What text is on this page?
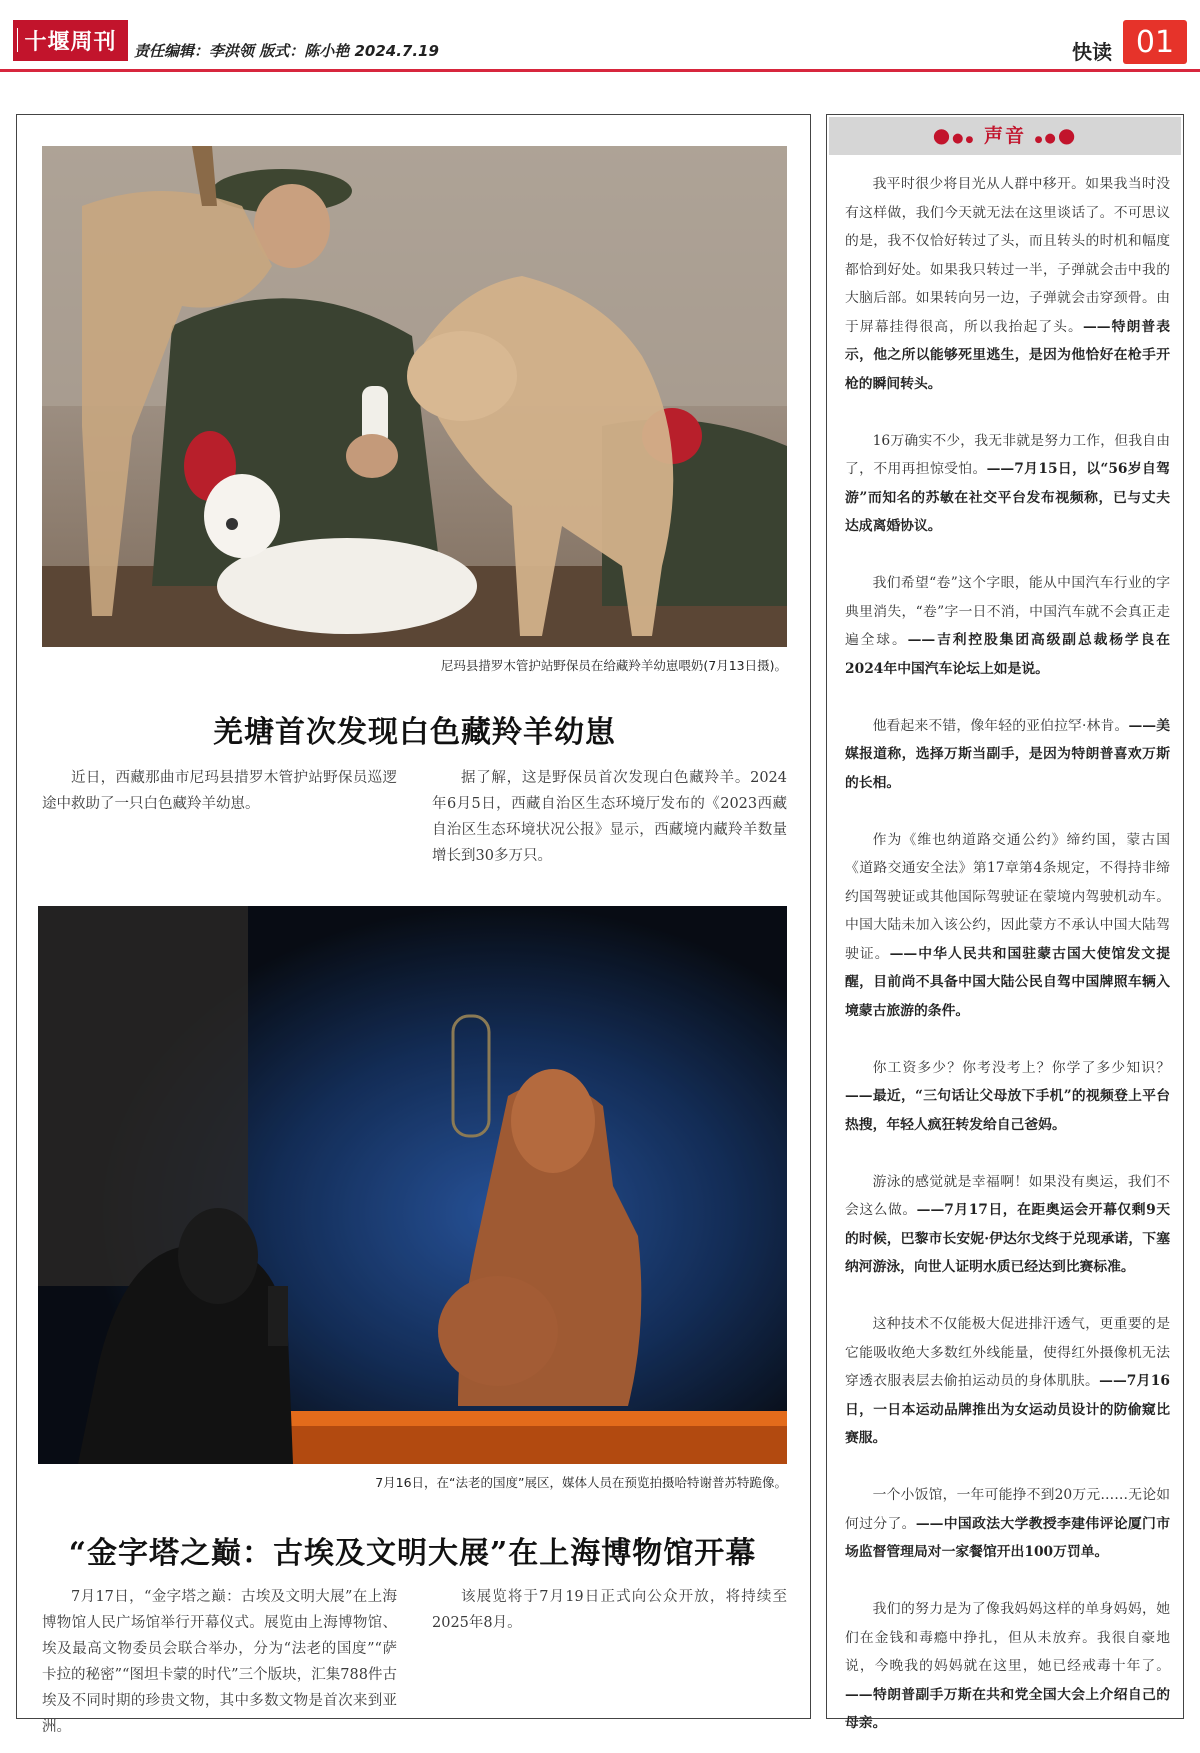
十堰周刊 责任编辑：李洪领 版式：陈小艳 2024.7.19	快读 01
尼玛县措罗木管护站野保员在给藏羚羊幼崽喂奶(7月13日摄)。
羌塘首次发现白色藏羚羊幼崽

近日，西藏那曲市尼玛县措罗木管护站野保员巡逻途中救助了一只白色藏羚羊幼崽。

据了解，这是野保员首次发现白色藏羚羊。2024年6月5日，西藏自治区生态环境厅发布的《2023西藏自治区生态环境状况公报》显示，西藏境内藏羚羊数量增长到30多万只。

7月16日，在“法老的国度”展区，媒体人员在预览拍摄哈特谢普苏特跪像。
“金字塔之巅：古埃及文明大展”在上海博物馆开幕

7月17日，“金字塔之巅：古埃及文明大展”在上海博物馆人民广场馆举行开幕仪式。展览由上海博物馆、埃及最高文物委员会联合举办，分为“法老的国度”“萨卡拉的秘密”“图坦卡蒙的时代”三个版块，汇集788件古埃及不同时期的珍贵文物，其中多数文物是首次来到亚洲。

该展览将于7月19日正式向公众开放，将持续至2025年8月。

●●● 声音 ●●●
我平时很少将目光从人群中移开。如果我当时没有这样做，我们今天就无法在这里谈话了。不可思议的是，我不仅恰好转过了头，而且转头的时机和幅度都恰到好处。如果我只转过一半，子弹就会击中我的大脑后部。如果转向另一边，子弹就会击穿颈骨。由于屏幕挂得很高，所以我抬起了头。——特朗普表示，他之所以能够死里逃生，是因为他恰好在枪手开枪的瞬间转头。
16万确实不少，我无非就是努力工作，但我自由了，不用再担惊受怕。——7月15日，以“56岁自驾游”而知名的苏敏在社交平台发布视频称，已与丈夫达成离婚协议。
我们希望“卷”这个字眼，能从中国汽车行业的字典里消失，“卷”字一日不消，中国汽车就不会真正走遍全球。——吉利控股集团高级副总裁杨学良在2024年中国汽车论坛上如是说。
他看起来不错，像年轻的亚伯拉罕·林肯。——美媒报道称，选择万斯当副手，是因为特朗普喜欢万斯的长相。
作为《维也纳道路交通公约》缔约国，蒙古国《道路交通安全法》第17章第4条规定，不得持非缔约国驾驶证或其他国际驾驶证在蒙境内驾驶机动车。中国大陆未加入该公约，因此蒙方不承认中国大陆驾驶证。——中华人民共和国驻蒙古国大使馆发文提醒，目前尚不具备中国大陆公民自驾中国牌照车辆入境蒙古旅游的条件。
你工资多少？你考没考上？你学了多少知识？——最近，“三句话让父母放下手机”的视频登上平台热搜，年轻人疯狂转发给自己爸妈。
游泳的感觉就是幸福啊！如果没有奥运，我们不会这么做。——7月17日，在距奥运会开幕仅剩9天的时候，巴黎市长安妮·伊达尔戈终于兑现承诺，下塞纳河游泳，向世人证明水质已经达到比赛标准。
这种技术不仅能极大促进排汗透气，更重要的是它能吸收绝大多数红外线能量，使得红外摄像机无法穿透衣服表层去偷拍运动员的身体肌肤。——7月16日，一日本运动品牌推出为女运动员设计的防偷窥比赛服。
一个小饭馆，一年可能挣不到20万元……无论如何过分了。——中国政法大学教授李建伟评论厦门市场监督管理局对一家餐馆开出100万罚单。
我们的努力是为了像我妈妈这样的单身妈妈，她们在金钱和毒瘾中挣扎，但从未放弃。我很自豪地说，今晚我的妈妈就在这里，她已经戒毒十年了。——特朗普副手万斯在共和党全国大会上介绍自己的母亲。
